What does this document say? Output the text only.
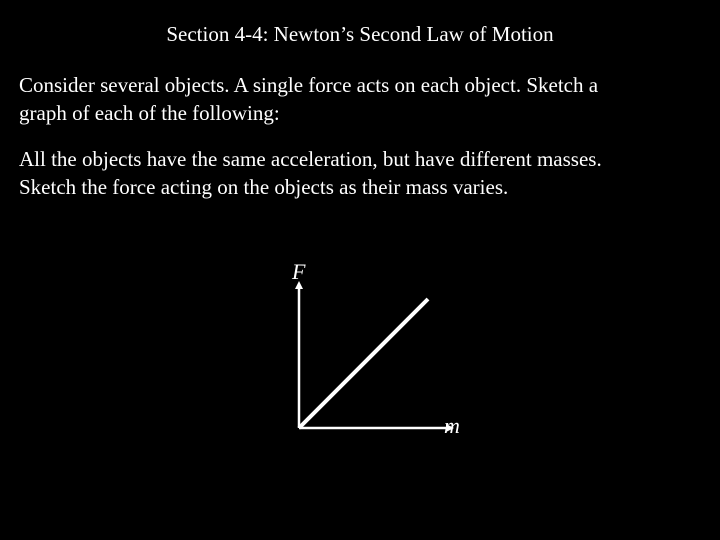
Section 4-4: Newton’s Second Law of Motion

Consider several objects. A single force acts on each object. Sketch a
graph of each of the following:

All the objects have the same acceleration, but have different masses.
Sketch the force acting on the objects as their mass varies.

F
m
